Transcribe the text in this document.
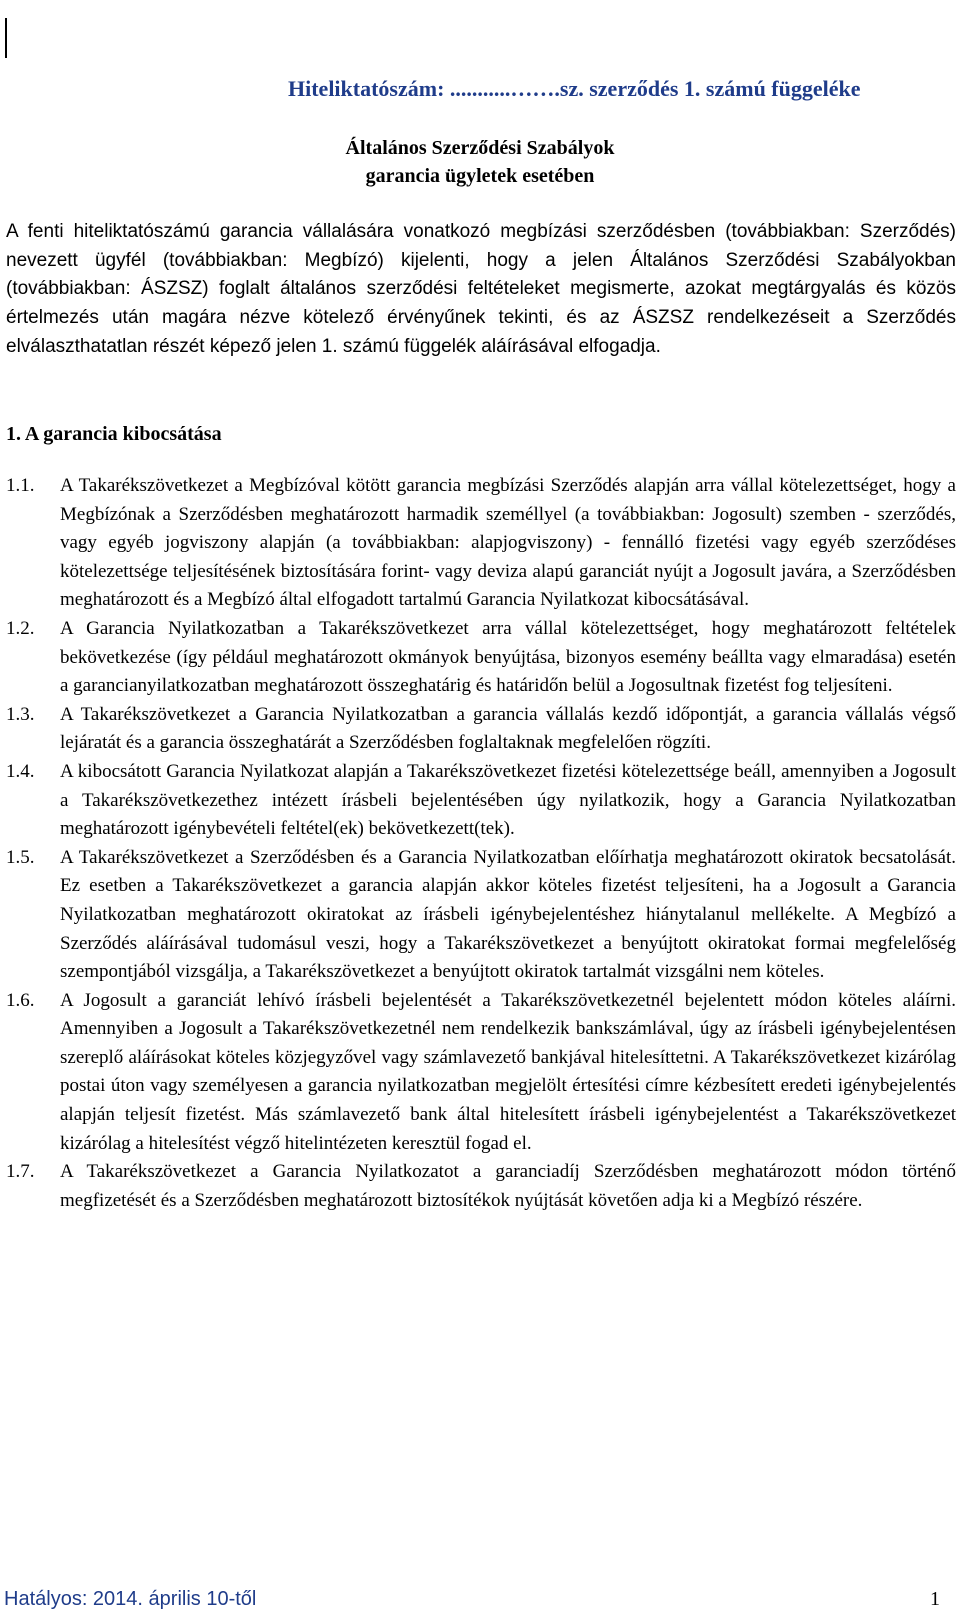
Hiteliktatószám: ...........…….sz. szerződés 1. számú függeléke
Általános Szerződési Szabályok
garancia ügyletek esetében
A fenti hiteliktatószámú garancia vállalására vonatkozó megbízási szerződésben (továbbiakban: Szerződés) nevezett ügyfél (továbbiakban: Megbízó) kijelenti, hogy a jelen Általános Szerződési Szabályokban (továbbiakban: ÁSZSZ) foglalt általános szerződési feltételeket megismerte, azokat megtárgyalás és közös értelmezés után magára nézve kötelező érvényűnek tekinti, és az ÁSZSZ rendelkezéseit a Szerződés elválaszthatatlan részét képező jelen 1. számú függelék aláírásával elfogadja.
1. A garancia kibocsátása
1.1.	A Takarékszövetkezet a Megbízóval kötött garancia megbízási Szerződés alapján arra vállal kötelezettséget, hogy a Megbízónak a Szerződésben meghatározott harmadik személlyel (a továbbiakban: Jogosult) szemben - szerződés, vagy egyéb jogviszony alapján (a továbbiakban: alapjogviszony) - fennálló fizetési vagy egyéb szerződéses kötelezettsége teljesítésének biztosítására forint- vagy deviza alapú garanciát nyújt a Jogosult javára, a Szerződésben meghatározott és a Megbízó által elfogadott tartalmú Garancia Nyilatkozat kibocsátásával.
1.2.	A Garancia Nyilatkozatban a Takarékszövetkezet arra vállal kötelezettséget, hogy meghatározott feltételek bekövetkezése (így például meghatározott okmányok benyújtása, bizonyos esemény beállta vagy elmaradása) esetén a garancianyilatkozatban meghatározott összeghatárig és határidőn belül a Jogosultnak fizetést fog teljesíteni.
1.3.	A Takarékszövetkezet a Garancia Nyilatkozatban a garancia vállalás kezdő időpontját, a garancia vállalás végső lejáratát és a garancia összeghatárát a Szerződésben foglaltaknak megfelelően rögzíti.
1.4.	A kibocsátott Garancia Nyilatkozat alapján a Takarékszövetkezet fizetési kötelezettsége beáll, amennyiben a Jogosult a Takarékszövetkezethez intézett írásbeli bejelentésében úgy nyilatkozik, hogy a Garancia Nyilatkozatban meghatározott igénybevételi feltétel(ek) bekövetkezett(tek).
1.5.	A Takarékszövetkezet a Szerződésben és a Garancia Nyilatkozatban előírhatja meghatározott okiratok becsatolását. Ez esetben a Takarékszövetkezet a garancia alapján akkor köteles fizetést teljesíteni, ha a Jogosult a Garancia Nyilatkozatban meghatározott okiratokat az írásbeli igénybejelentéshez hiánytalanul mellékelte. A Megbízó a Szerződés aláírásával tudomásul veszi, hogy a Takarékszövetkezet a benyújtott okiratokat formai megfelelőség szempontjából vizsgálja, a Takarékszövetkezet a benyújtott okiratok tartalmát vizsgálni nem köteles.
1.6.	A Jogosult a garanciát lehívó írásbeli bejelentését a Takarékszövetkezetnél bejelentett módon köteles aláírni. Amennyiben a Jogosult a Takarékszövetkezetnél nem rendelkezik bankszámlával, úgy az írásbeli igénybejelentésen szereplő aláírásokat köteles közjegyzővel vagy számlavezető bankjával hitelesíttetni. A Takarékszövetkezet kizárólag postai úton vagy személyesen a garancia nyilatkozatban megjelölt értesítési címre kézbesített eredeti igénybejelentés alapján teljesít fizetést. Más számlavezető bank által hitelesített írásbeli igénybejelentést a Takarékszövetkezet kizárólag a hitelesítést végző hitelintézeten keresztül fogad el.
1.7.	A Takarékszövetkezet a Garancia Nyilatkozatot a garanciadíj Szerződésben meghatározott módon történő megfizetését és a Szerződésben meghatározott biztosítékok nyújtását követően adja ki a Megbízó részére.
Hatályos: 2014. április 10-től	1
